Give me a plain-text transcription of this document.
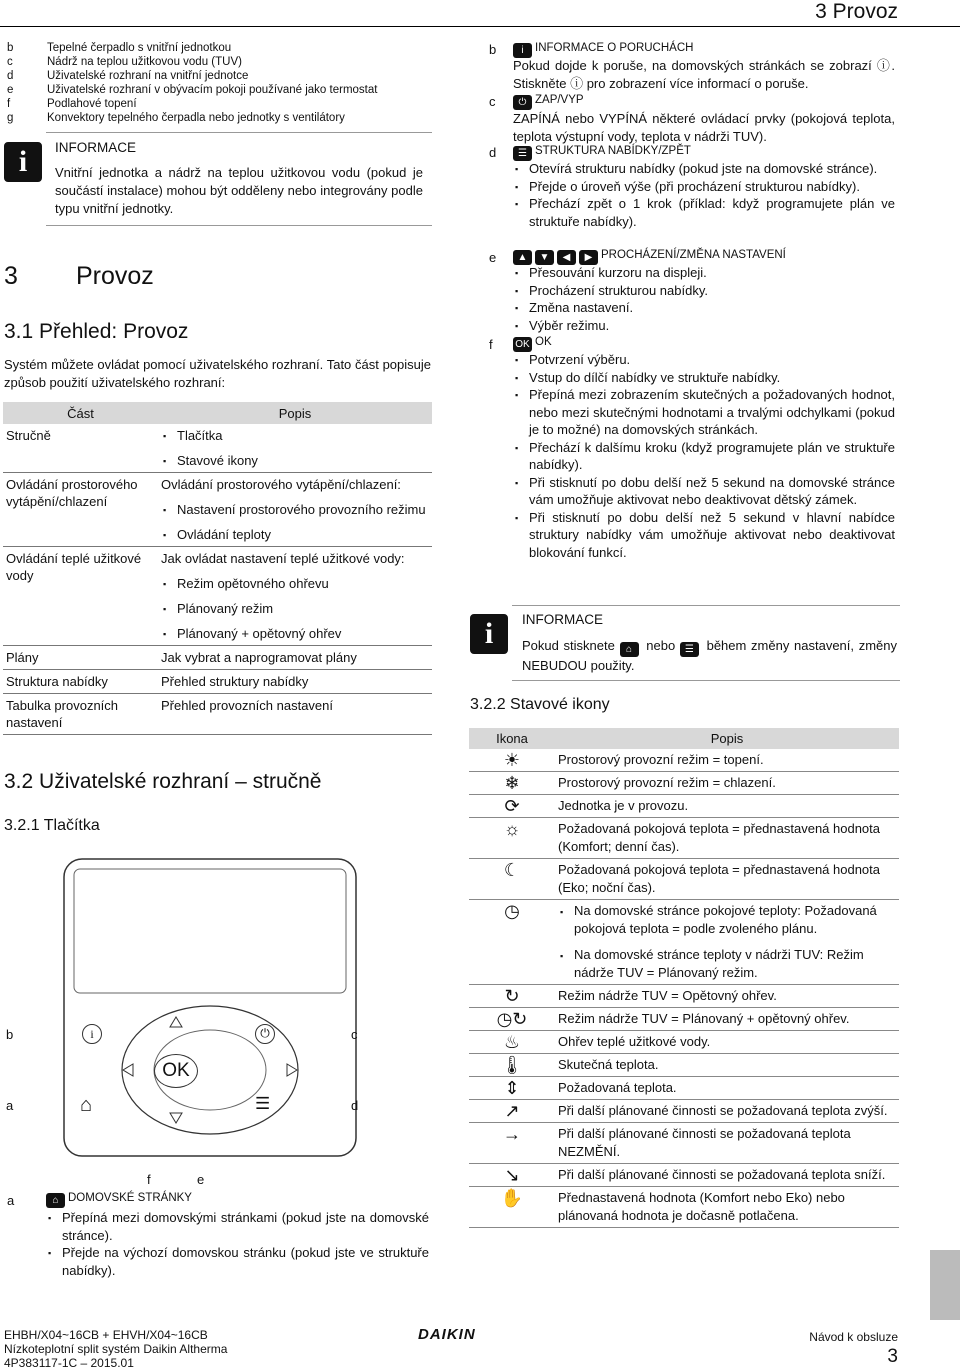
3 Provoz
b	Tepelné čerpadlo s vnitřní jednotkou
c	Nádrž na teplou užitkovou vodu (TUV)
d	Uživatelské rozhraní na vnitřní jednotce
e	Uživatelské rozhraní v obývacím pokoji používané jako termostat
f	Podlahové topení
g	Konvektory tepelného čerpadla nebo jednotky s ventilátory
i	INFORMACE
Vnitřní jednotka a nádrž na teplou užitkovou vodu (pokud je součástí instalace) mohou být odděleny nebo integrovány podle typu vnitřní jednotky.
3 Provoz
3.1 Přehled: Provoz
Systém můžete ovládat pomocí uživatelského rozhraní. Tato část popisuje způsob použití uživatelského rozhraní:
Část	Popis
Stručně	▪ Tlačítka
▪ Stavové ikony

Ovládání prostorového vytápění/chlazení	Ovládání prostorového vytápění/chlazení:
▪ Nastavení prostorového provozního režimu
▪ Ovládání teploty

Ovládání teplé užitkové vody	Jak ovládat nastavení teplé užitkové vody:
▪ Režim opětovného ohřevu
▪ Plánovaný režim
▪ Plánovaný + opětovný ohřev

Plány	Jak vybrat a naprogramovat plány
Struktura nabídky	Přehled struktury nabídky
Tabulka provozních nastavení	Přehled provozních nastavení
3.2 Uživatelské rozhraní – stručně
3.2.1 Tlačítka
OK
i	⏻
⌂	☰
b
a
c
d
f	e
a	⌂ DOMOVSKÉ STRÁNKY
▪ Přepíná mezi domovskými stránkami (pokud jste na domovské stránce).
▪ Přejde na výchozí domovskou stránku (pokud jste ve struktuře nabídky).
b	i INFORMACE O PORUCHÁCH
Pokud dojde k poruše, na domovských stránkách se zobrazí ⓘ. Stiskněte ⓘ pro zobrazení více informací o poruše.
c	⏻ ZAP/VYP
ZAPÍNÁ nebo VYPÍNÁ některé ovládací prvky (pokojová teplota, teplota výstupní vody, teplota v nádrži TUV).
d	☰ STRUKTURA NABÍDKY/ZPĚT
▪ Otevírá strukturu nabídky (pokud jste na domovské stránce).
▪ Přejde o úroveň výše (při procházení strukturou nabídky).
▪ Přechází zpět o 1 krok (příklad: když programujete plán ve struktuře nabídky).
e	▲ ▼ ◀ ▶ PROCHÁZENÍ/ZMĚNA NASTAVENÍ
▪ Přesouvání kurzoru na displeji.
▪ Procházení strukturou nabídky.
▪ Změna nastavení.
▪ Výběr režimu.
f OK OK
▪ Potvrzení výběru.
▪ Vstup do dílčí nabídky ve struktuře nabídky.
▪ Přepíná mezi zobrazením skutečných a požadovaných hodnot, nebo mezi skutečnými hodnotami a trvalými odchylkami (pokud je to možné) na domovských stránkách.
▪ Přechází k dalšímu kroku (když programujete plán ve struktuře nabídky).
▪ Při stisknutí po dobu delší než 5 sekund na domovské stránce vám umožňuje aktivovat nebo deaktivovat dětský zámek.
▪ Při stisknutí po dobu delší než 5 sekund v hlavní nabídce struktury nabídky vám umožňuje aktivovat nebo deaktivovat blokování funkcí.
i	INFORMACE
Pokud stisknete ⌂ nebo ☰ během změny nastavení, změny NEBUDOU použity.
3.2.2 Stavové ikony
Ikona	Popis
☀	Prostorový provozní režim = topení.
❄	Prostorový provozní režim = chlazení.
⟳	Jednotka je v provozu.
☼	Požadovaná pokojová teplota = přednastavená hodnota (Komfort; denní čas).
☾	Požadovaná pokojová teplota = přednastavená hodnota (Eko; noční čas).
◷	▪ Na domovské stránce pokojové teploty: Požadovaná pokojová teplota = podle zvoleného plánu.
▪ Na domovské stránce teploty v nádrži TUV: Režim nádrže TUV = Plánovaný režim.

↻	Režim nádrže TUV = Opětovný ohřev.
◷↻	Režim nádrže TUV = Plánovaný + opětovný ohřev.
♨	Ohřev teplé užitkové vody.
🌡	Skutečná teplota.
⇕	Požadovaná teplota.
↗	Při další plánované činnosti se požadovaná teplota zvýší.
→	Při další plánované činnosti se požadovaná teplota NEZMĚNÍ.
↘	Při další plánované činnosti se požadovaná teplota sníží.
✋	Přednastavená hodnota (Komfort nebo Eko) nebo plánovaná hodnota je dočasně potlačena.
EHBH/X04~16CB + EHVH/X04~16CB
Nízkoteplotní split systém Daikin Altherma
4P383117-1C – 2015.01
DAIKIN	Návod k obsluze
3
